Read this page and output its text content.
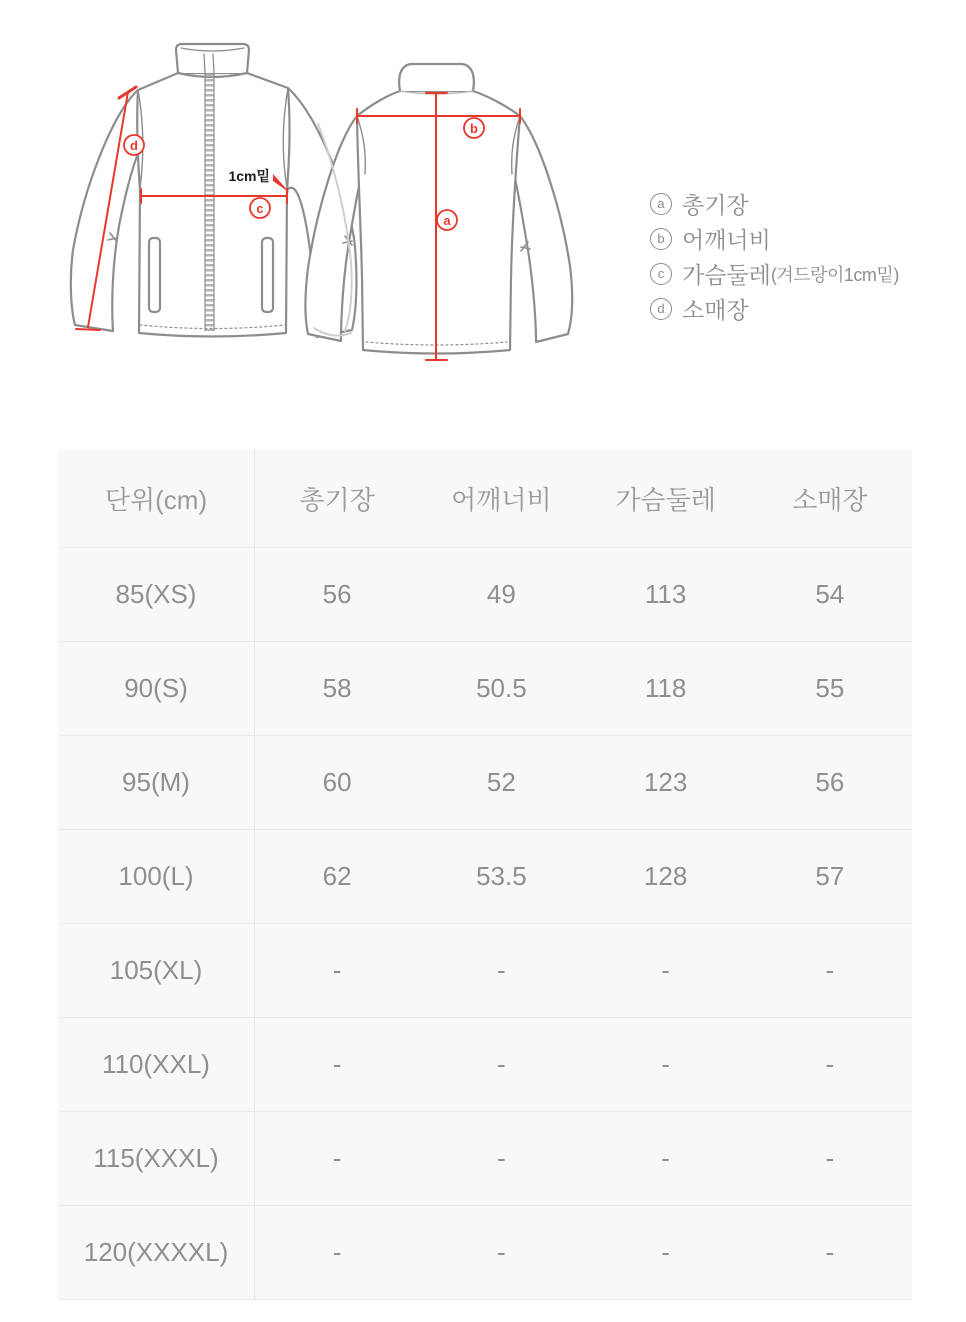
1cm밑
d
c
a
b
a 총기장
b 어깨너비
c 가슴둘레 (겨드랑이1cm밑)
d 소매장
단위(cm)	총기장	어깨너비	가슴둘레	소매장
85(XS)	56	49	113	54
90(S)	58	50.5	118	55
95(M)	60	52	123	56
100(L)	62	53.5	128	57
105(XL)	-	-	-	-
110(XXL)	-	-	-	-
115(XXXL)	-	-	-	-
120(XXXXL)	-	-	-	-
